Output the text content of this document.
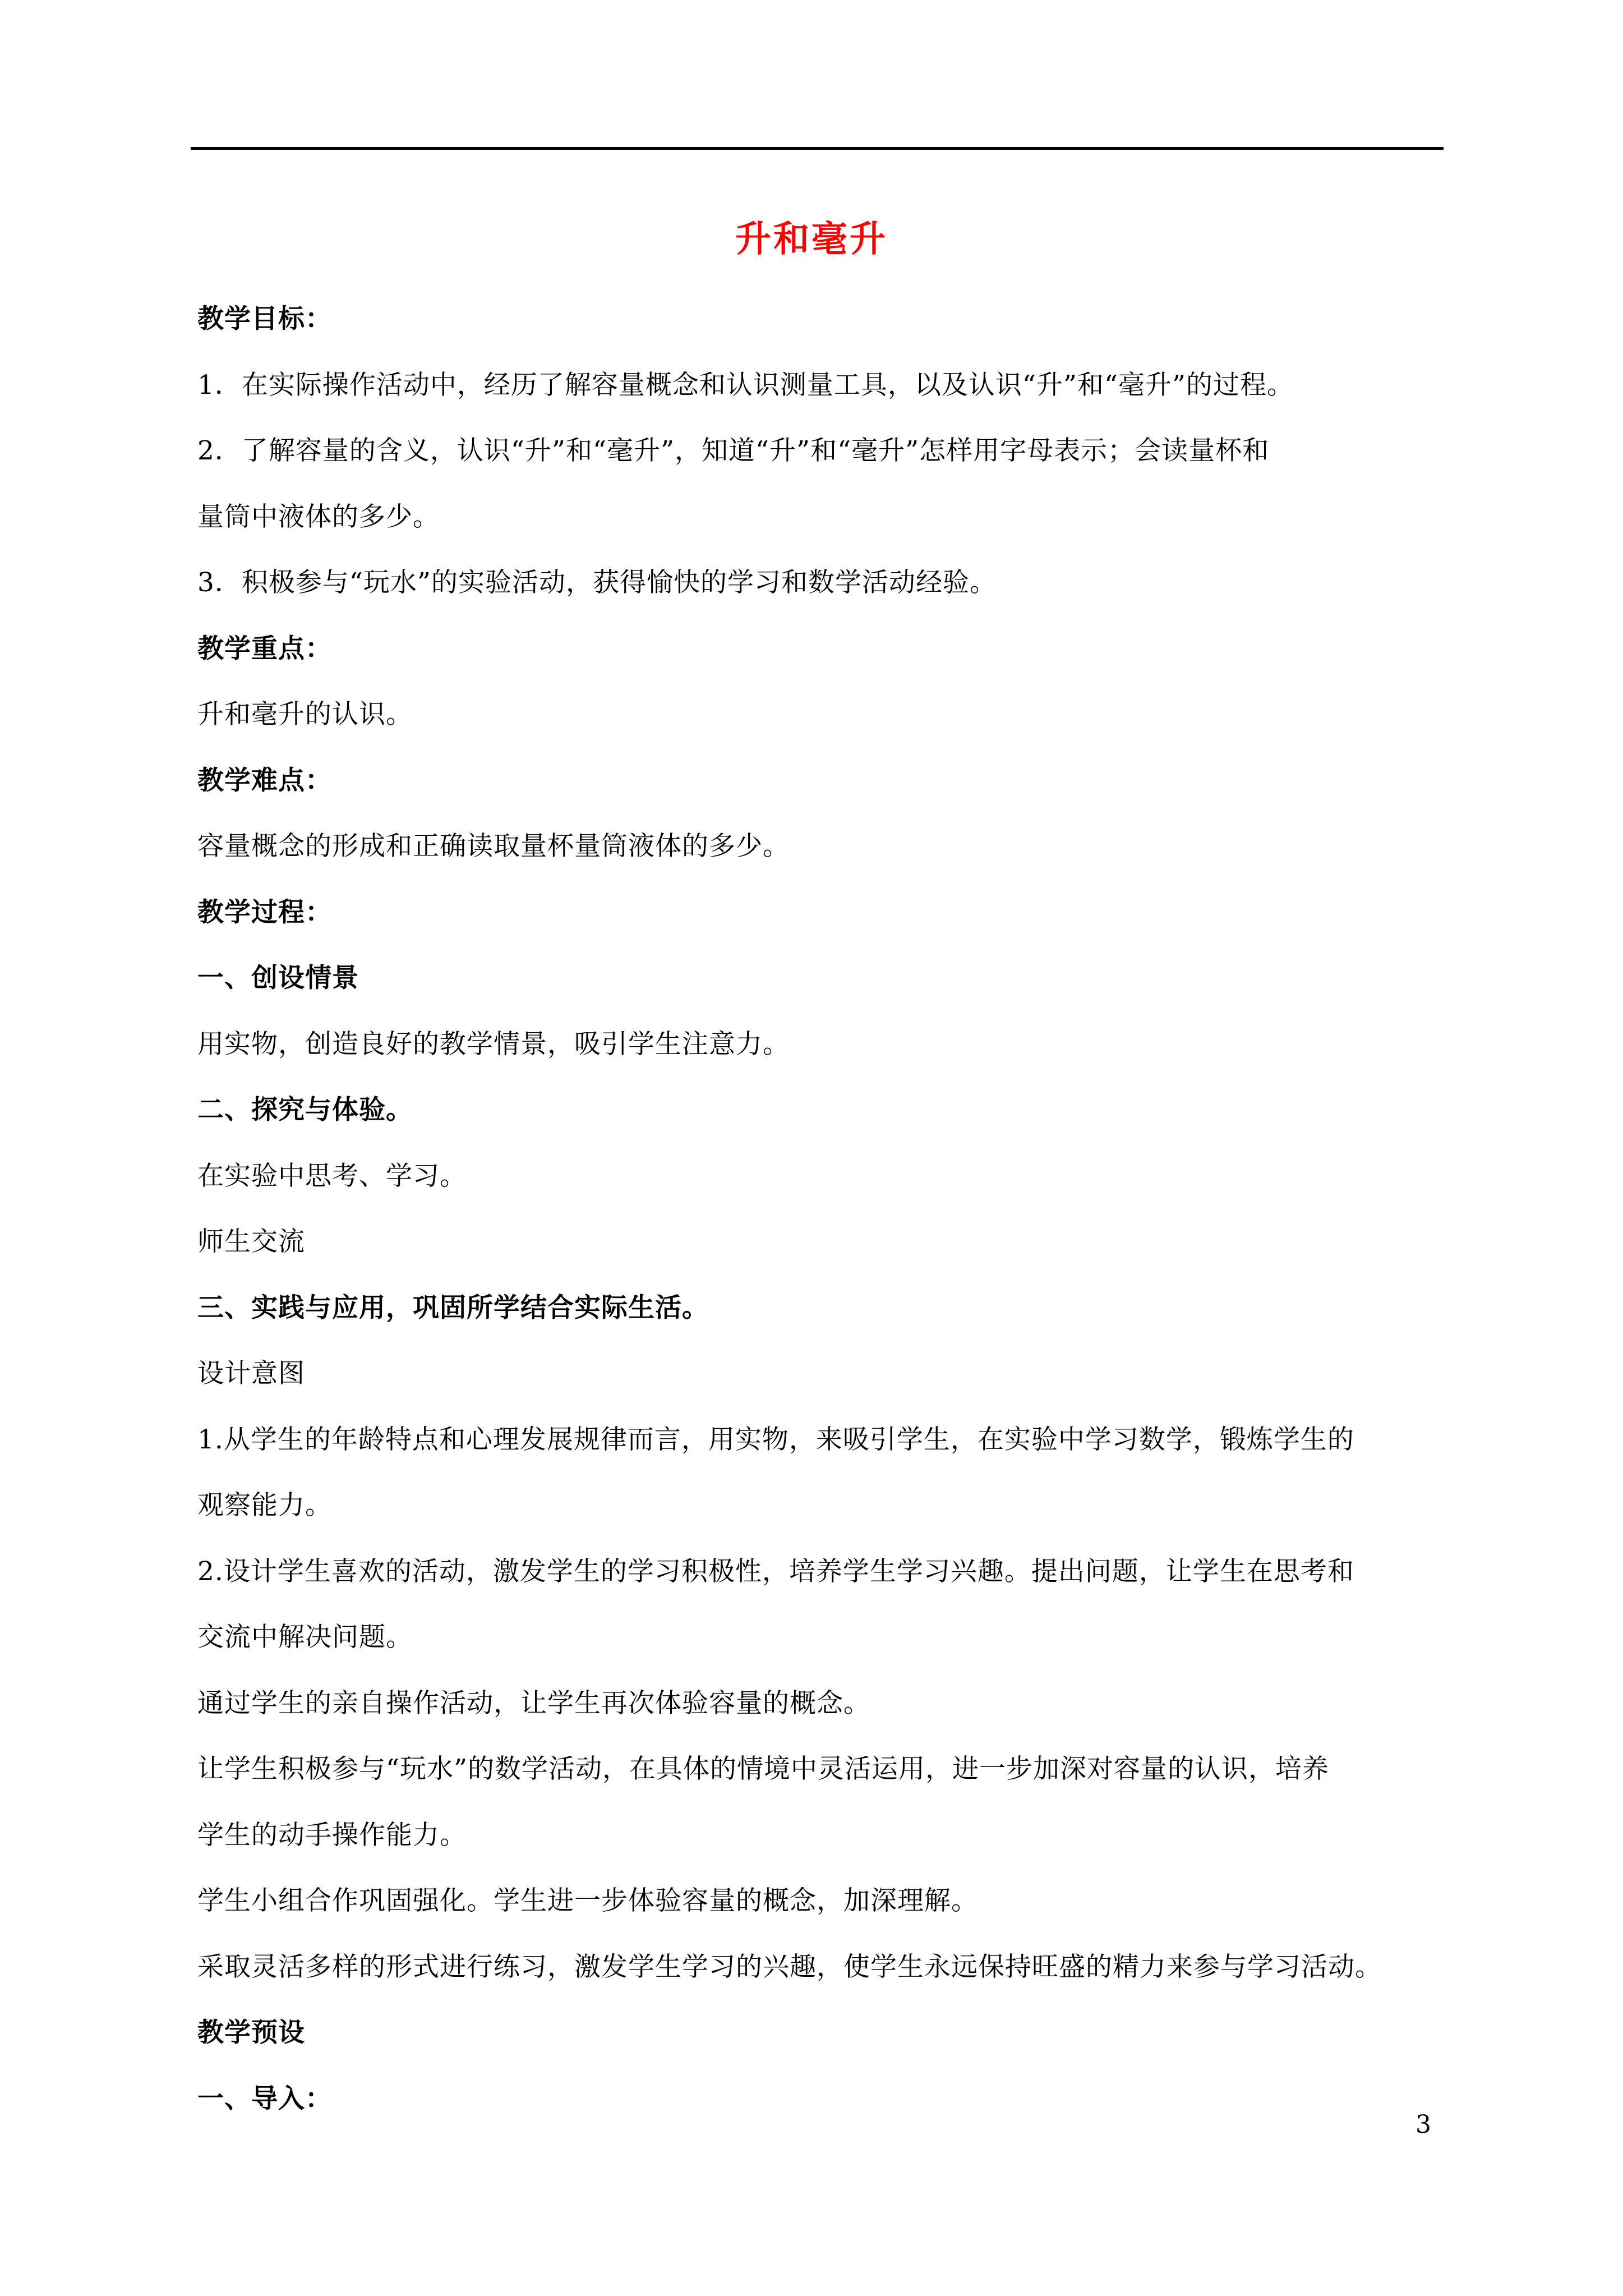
升和毫升
教学目标：
1．在实际操作活动中，经历了解容量概念和认识测量工具，以及认识“升”和“毫升”的过程。
2．了解容量的含义，认识“升”和“毫升”，知道“升”和“毫升”怎样用字母表示；会读量杯和
量筒中液体的多少。
3．积极参与“玩水”的实验活动，获得愉快的学习和数学活动经验。
教学重点：
升和毫升的认识。
教学难点：
容量概念的形成和正确读取量杯量筒液体的多少。
教学过程：
一、创设情景
用实物，创造良好的教学情景，吸引学生注意力。
二、探究与体验。
在实验中思考、学习。
师生交流
三、实践与应用，巩固所学结合实际生活。
设计意图
1.从学生的年龄特点和心理发展规律而言，用实物，来吸引学生，在实验中学习数学，锻炼学生的
观察能力。
2.设计学生喜欢的活动，激发学生的学习积极性，培养学生学习兴趣。提出问题，让学生在思考和
交流中解决问题。
通过学生的亲自操作活动，让学生再次体验容量的概念。
让学生积极参与“玩水”的数学活动，在具体的情境中灵活运用，进一步加深对容量的认识，培养
学生的动手操作能力。
学生小组合作巩固强化。学生进一步体验容量的概念，加深理解。
采取灵活多样的形式进行练习，激发学生学习的兴趣，使学生永远保持旺盛的精力来参与学习活动。
教学预设
一、导入：
3
